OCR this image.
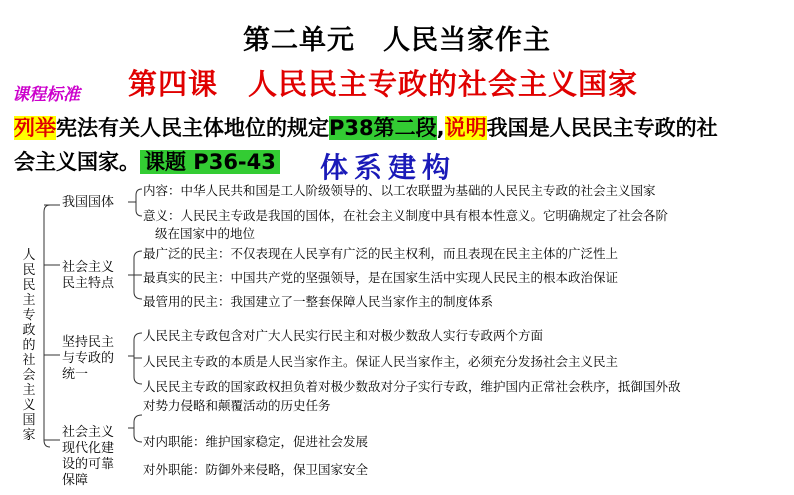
第二单元　人民当家作主
课程标准 第四课　人民民主专政的社会主义国家
列举宪法有关人民主体地位的规定P38第二段,说明我国是人民民主专政的社
会主义国家。 课题 P36-43 体系建构
人民民主专政的社会主义国家
我国国体
内容：中华人民共和国是工人阶级领导的、以工农联盟为基础的人民民主专政的社会主义国家
意义：人民民主专政是我国的国体，在社会主义制度中具有根本性意义。它明确规定了社会各阶
级在国家中的地位
社会主义
民主特点
最广泛的民主：不仅表现在人民享有广泛的民主权利，而且表现在民主主体的广泛性上
最真实的民主：中国共产党的坚强领导，是在国家生活中实现人民民主的根本政治保证
最管用的民主：我国建立了一整套保障人民当家作主的制度体系
坚持民主
与专政的
统一
人民民主专政包含对广大人民实行民主和对极少数敌人实行专政两个方面
人民民主专政的本质是人民当家作主。保证人民当家作主，必须充分发扬社会主义民主
人民民主专政的国家政权担负着对极少数敌对分子实行专政，维护国内正常社会秩序，抵御国外敌
对势力侵略和颠覆活动的历史任务
社会主义
现代化建
设的可靠
保障
对内职能：维护国家稳定，促进社会发展
对外职能：防御外来侵略，保卫国家安全
